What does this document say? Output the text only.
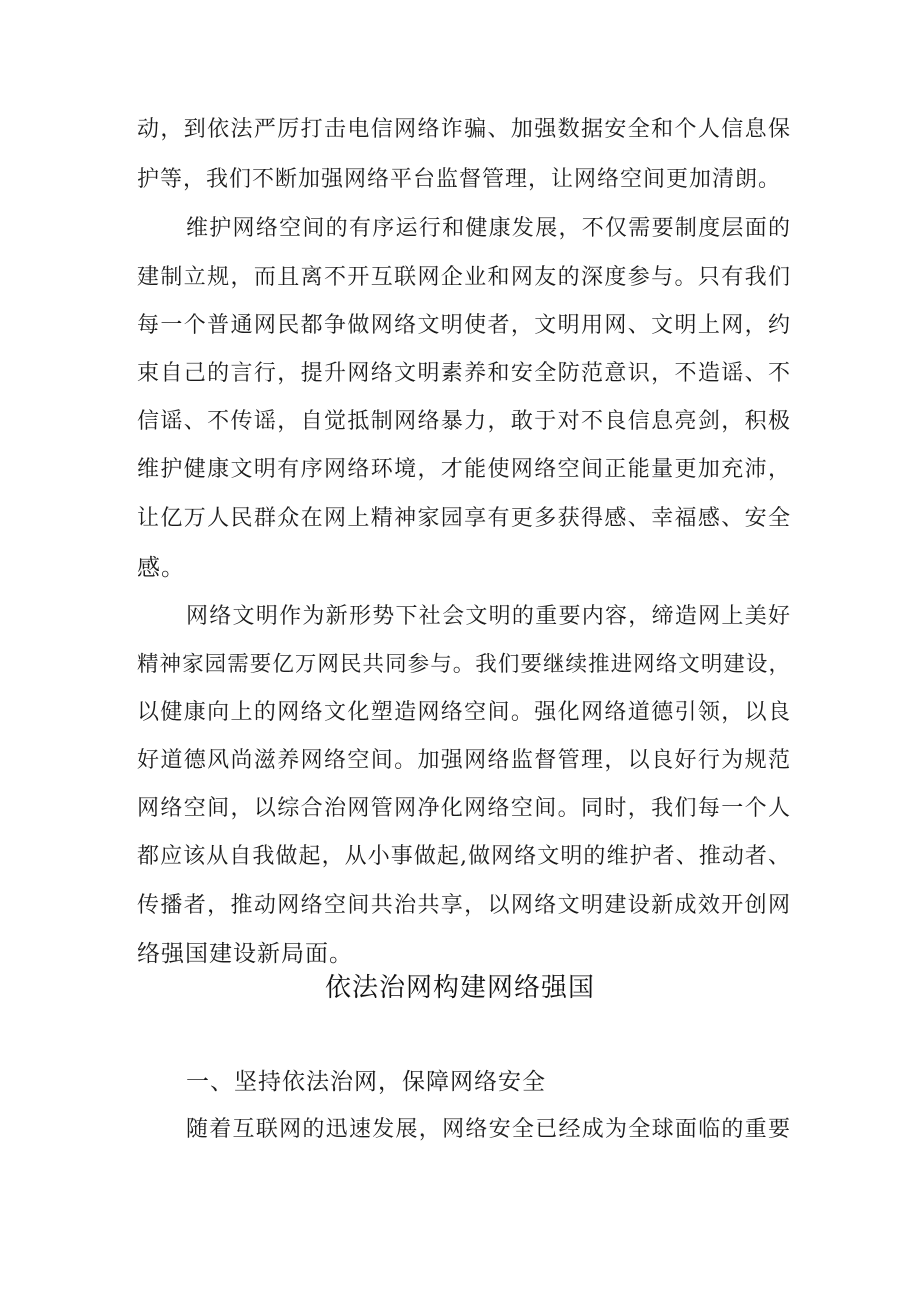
动，到依法严厉打击电信网络诈骗、加强数据安全和个人信息保
护等，我们不断加强网络平台监督管理，让网络空间更加清朗。
维护网络空间的有序运行和健康发展，不仅需要制度层面的
建制立规，而且离不开互联网企业和网友的深度参与。只有我们
每一个普通网民都争做网络文明使者，文明用网、文明上网，约
束自己的言行，提升网络文明素养和安全防范意识，不造谣、不
信谣、不传谣，自觉抵制网络暴力，敢于对不良信息亮剑，积极
维护健康文明有序网络环境，才能使网络空间正能量更加充沛，
让亿万人民群众在网上精神家园享有更多获得感、幸福感、安全
感。
网络文明作为新形势下社会文明的重要内容，缔造网上美好
精神家园需要亿万网民共同参与。我们要继续推进网络文明建设，
以健康向上的网络文化塑造网络空间。强化网络道德引领，以良
好道德风尚滋养网络空间。加强网络监督管理，以良好行为规范
网络空间，以综合治网管网净化网络空间。同时，我们每一个人
都应该从自我做起，从小事做起,做网络文明的维护者、推动者、
传播者，推动网络空间共治共享，以网络文明建设新成效开创网
络强国建设新局面。
依法治网构建网络强国
一、坚持依法治网，保障网络安全
随着互联网的迅速发展，网络安全已经成为全球面临的重要
